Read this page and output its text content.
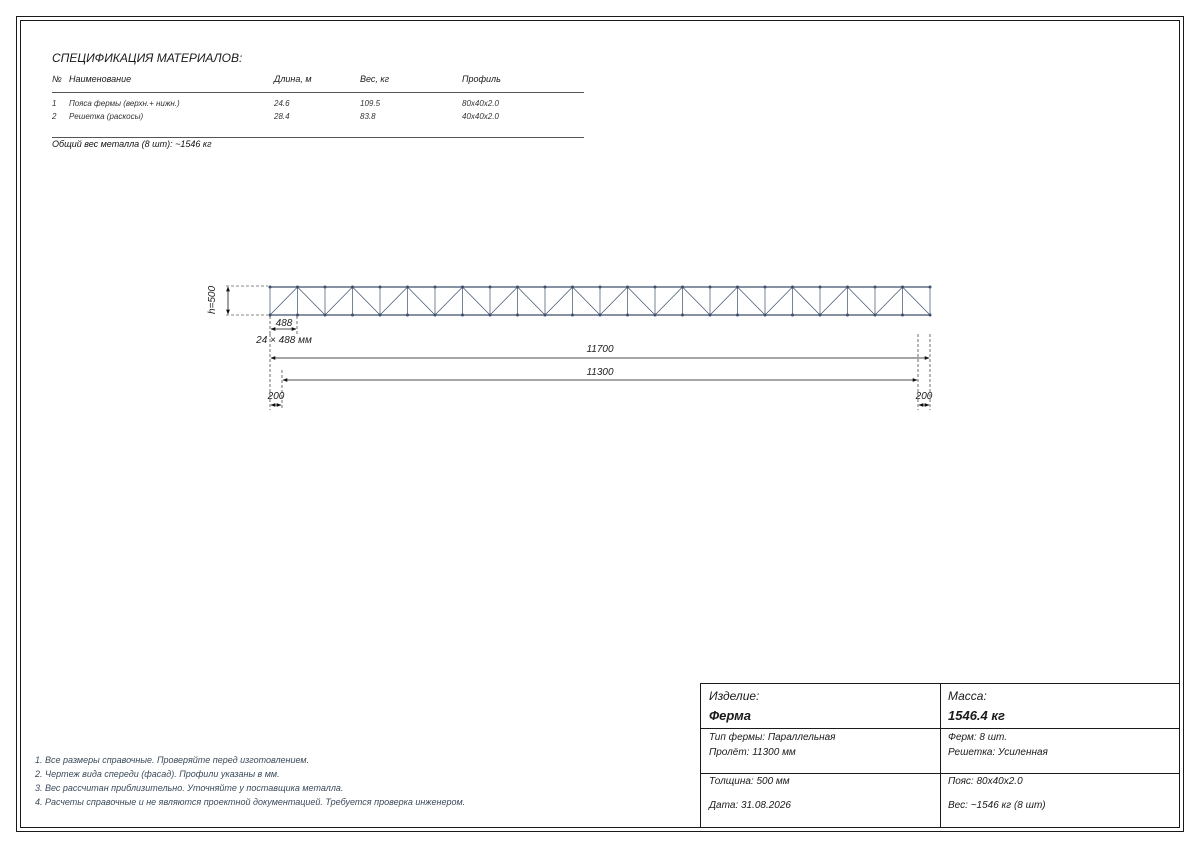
СПЕЦИФИКАЦИЯ МАТЕРИАЛОВ:
№ Наименование	Длина, м	Вес, кг	Профиль
1 Пояса фермы (верхн.+ нижн.)	24.6	109.5	80x40x2.0
2 Решетка (раскосы)	28.4	83.8	40x40x2.0
Общий вес металла (8 шт): ~1546 кг
h=500
488
24 × 488 мм
11700
11300
200	200
1. Все размеры справочные. Проверяйте перед изготовлением.
2. Чертеж вида спереди (фасад). Профили указаны в мм.
3. Вес рассчитан приблизительно. Уточняйте у поставщика металла.
4. Расчеты справочные и не являются проектной документацией. Требуется проверка инженером.
Изделие:
Ферма
Масса:
1546.4 кг
Тип фермы: Параллельная
Пролёт: 11300 мм
Ферм: 8 шт.
Решетка: Усиленная
Толщина: 500 мм
Дата: 31.08.2026
Пояс: 80x40x2.0
Вес: ~1546 кг (8 шт)
